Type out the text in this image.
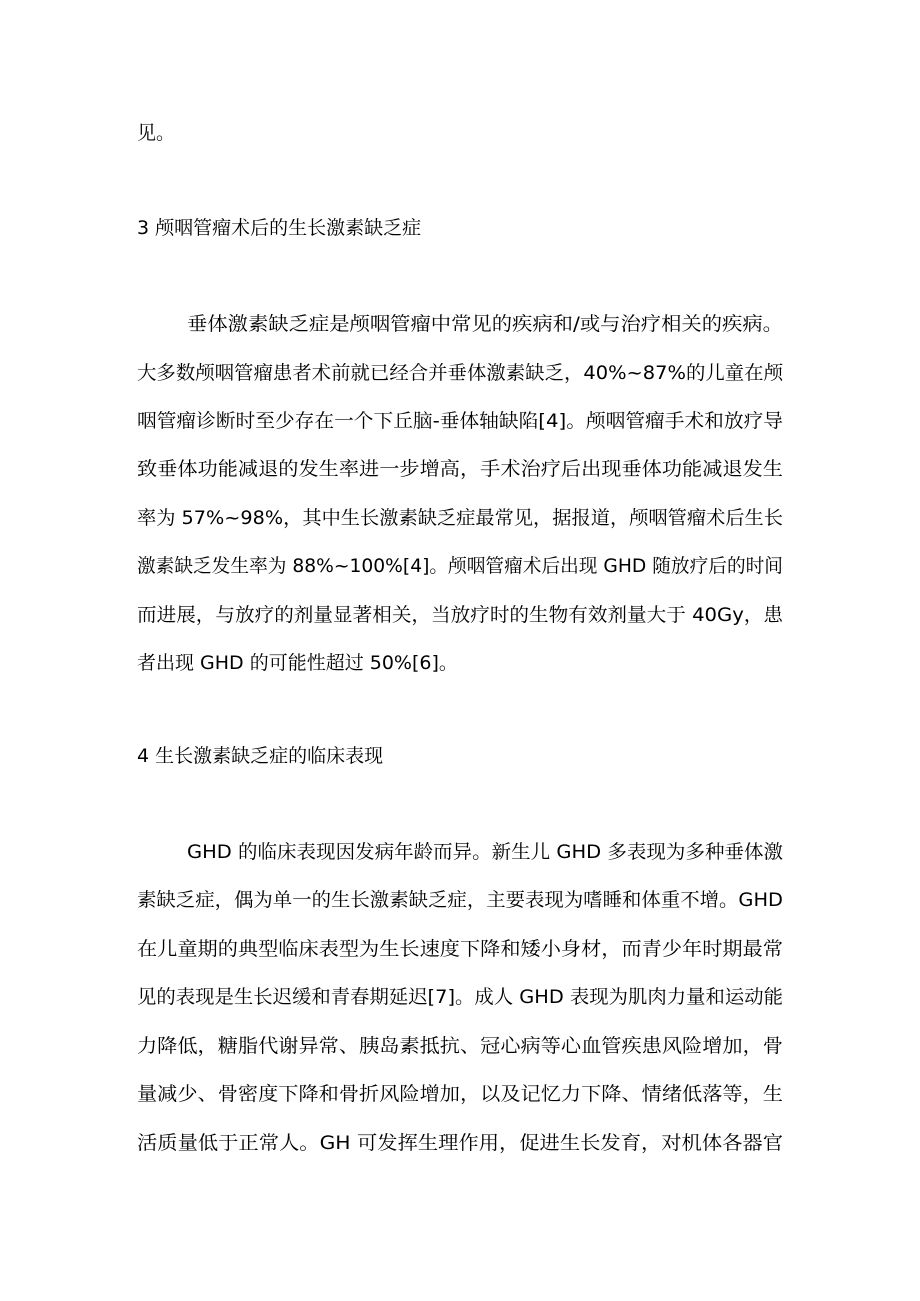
见。
3 颅咽管瘤术后的生长激素缺乏症
垂体激素缺乏症是颅咽管瘤中常见的疾病和/或与治疗相关的疾病。
大多数颅咽管瘤患者术前就已经合并垂体激素缺乏，40%~87%的儿童在颅
咽管瘤诊断时至少存在一个下丘脑-垂体轴缺陷[4]。颅咽管瘤手术和放疗导
致垂体功能减退的发生率进一步增高，手术治疗后出现垂体功能减退发生
率为 57%~98%，其中生长激素缺乏症最常见，据报道，颅咽管瘤术后生长
激素缺乏发生率为 88%~100%[4]。颅咽管瘤术后出现 GHD 随放疗后的时间
而进展，与放疗的剂量显著相关，当放疗时的生物有效剂量大于 40Gy，患
者出现 GHD 的可能性超过 50%[6]。
4 生长激素缺乏症的临床表现
GHD 的临床表现因发病年龄而异。新生儿 GHD 多表现为多种垂体激
素缺乏症，偶为单一的生长激素缺乏症，主要表现为嗜睡和体重不增。GHD
在儿童期的典型临床表型为生长速度下降和矮小身材，而青少年时期最常
见的表现是生长迟缓和青春期延迟[7]。成人 GHD 表现为肌肉力量和运动能
力降低，糖脂代谢异常、胰岛素抵抗、冠心病等心血管疾患风险增加，骨
量减少、骨密度下降和骨折风险增加，以及记忆力下降、情绪低落等，生
活质量低于正常人。GH 可发挥生理作用，促进生长发育，对机体各器官
